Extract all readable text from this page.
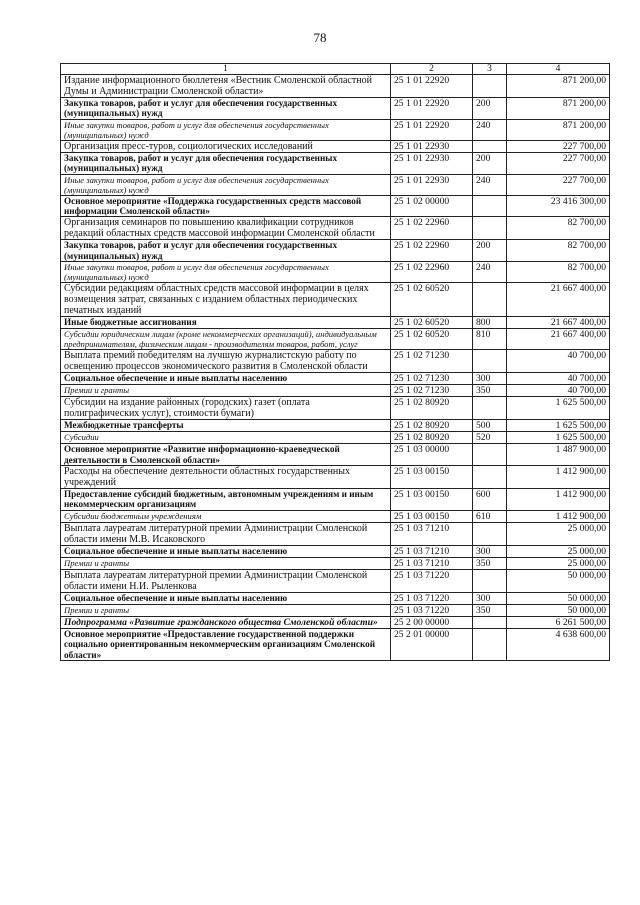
78
1	2	3	4
Издание информационного бюллетеня «Вестник Смоленской областной Думы и Администрации Смоленской области»	25 1 01 22920		871 200,00
Закупка товаров, работ и услуг для обеспечения государственных (муниципальных) нужд	25 1 01 22920	200	871 200,00
Иные закупки товаров, работ и услуг для обеспечения государственных (муниципальных) нужд	25 1 01 22920	240	871 200,00
Организация пресс-туров, социологических исследований	25 1 01 22930		227 700,00
Закупка товаров, работ и услуг для обеспечения государственных (муниципальных) нужд	25 1 01 22930	200	227 700,00
Иные закупки товаров, работ и услуг для обеспечения государственных (муниципальных) нужд	25 1 01 22930	240	227 700,00
Основное мероприятие «Поддержка государственных средств массовой информации Смоленской области»	25 1 02 00000		23 416 300,00
Организация семинаров по повышению квалификации сотрудников редакций областных средств массовой информации Смоленской области	25 1 02 22960		82 700,00
Закупка товаров, работ и услуг для обеспечения государственных (муниципальных) нужд	25 1 02 22960	200	82 700,00
Иные закупки товаров, работ и услуг для обеспечения государственных (муниципальных) нужд	25 1 02 22960	240	82 700,00
Субсидии редакциям областных средств массовой информации в целях возмещения затрат, связанных с изданием областных периодических печатных изданий	25 1 02 60520		21 667 400,00
Иные бюджетные ассигнования	25 1 02 60520	800	21 667 400,00
Субсидии юридическим лицам (кроме некоммерческих организаций), индивидуальным предпринимателям, физическим лицам - производителям товаров, работ, услуг	25 1 02 60520	810	21 667 400,00
Выплата премий победителям на лучшую журналистскую работу по освещению процессов экономического развития в Смоленской области	25 1 02 71230		40 700,00
Социальное обеспечение и иные выплаты населению	25 1 02 71230	300	40 700,00
Премии и гранты	25 1 02 71230	350	40 700,00
Субсидии на издание районных (городских) газет (оплата полиграфических услуг), стоимости бумаги)	25 1 02 80920		1 625 500,00
Межбюджетные трансферты	25 1 02 80920	500	1 625 500,00
Субсидии	25 1 02 80920	520	1 625 500,00
Основное мероприятие «Развитие информационно-краеведческой деятельности в Смоленской области»	25 1 03 00000		1 487 900,00
Расходы на обеспечение деятельности областных государственных учреждений	25 1 03 00150		1 412 900,00
Предоставление субсидий бюджетным, автономным учреждениям и иным некоммерческим организациям	25 1 03 00150	600	1 412 900,00
Субсидии бюджетным учреждениям	25 1 03 00150	610	1 412 900,00
Выплата лауреатам литературной премии Администрации Смоленской области имени М.В. Исаковского	25 1 03 71210		25 000,00
Социальное обеспечение и иные выплаты населению	25 1 03 71210	300	25 000,00
Премии и гранты	25 1 03 71210	350	25 000,00
Выплата лауреатам литературной премии Администрации Смоленской области имени Н.И. Рыленкова	25 1 03 71220		50 000,00
Социальное обеспечение и иные выплаты населению	25 1 03 71220	300	50 000,00
Премии и гранты	25 1 03 71220	350	50 000,00
Подпрограмма «Развитие гражданского общества Смоленской области»	25 2 00 00000		6 261 500,00
Основное мероприятие «Предоставление государственной поддержки социально ориентированным некоммерческим организациям Смоленской области»	25 2 01 00000		4 638 600,00
